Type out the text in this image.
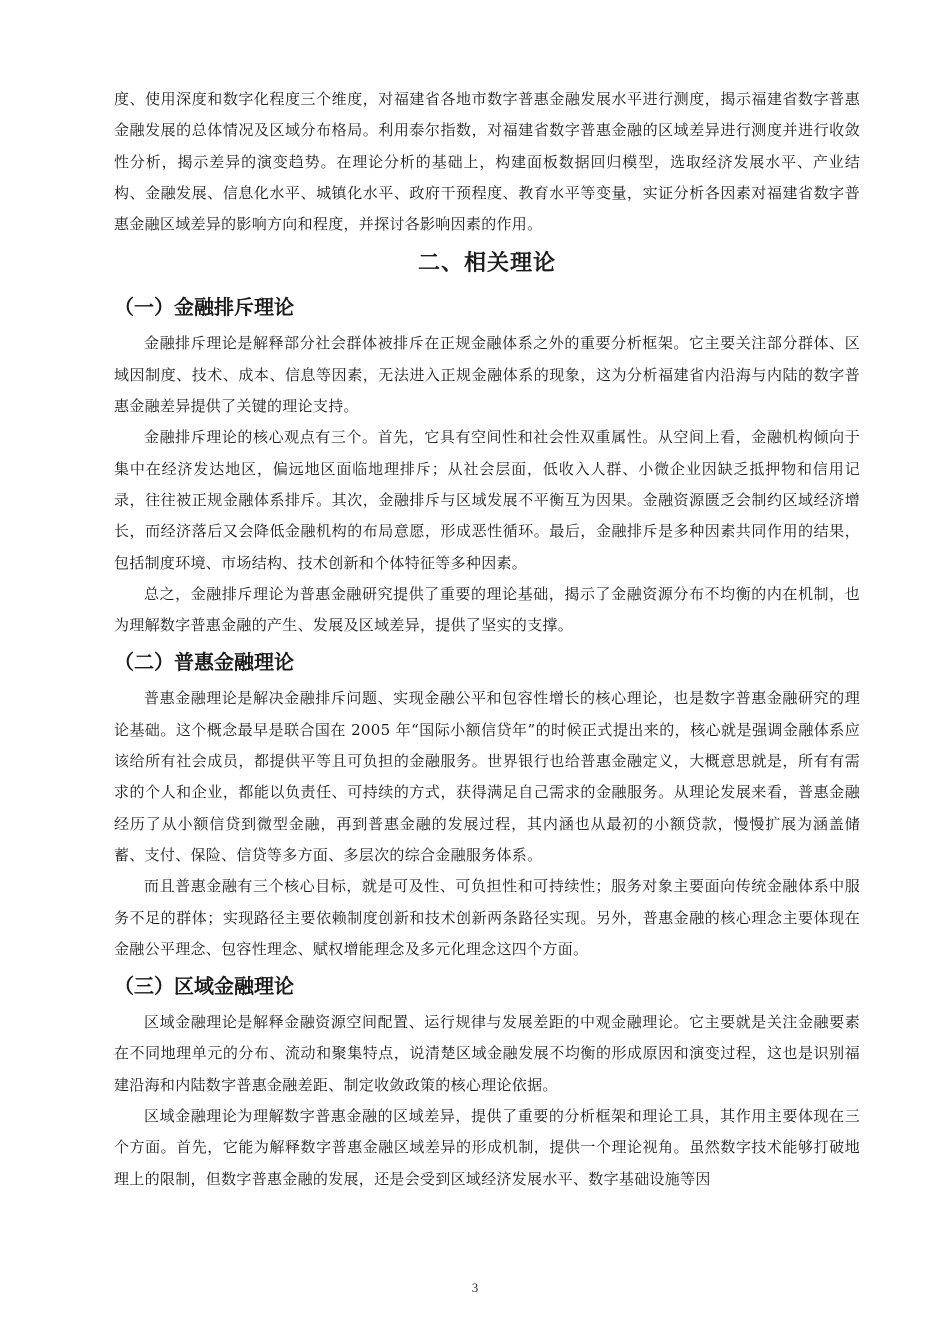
度、使用深度和数字化程度三个维度，对福建省各地市数字普惠金融发展水平进行测度，揭示福建省数字普惠金融发展的总体情况及区域分布格局。利用泰尔指数，对福建省数字普惠金融的区域差异进行测度并进行收敛性分析，揭示差异的演变趋势。在理论分析的基础上，构建面板数据回归模型，选取经济发展水平、产业结构、金融发展、信息化水平、城镇化水平、政府干预程度、教育水平等变量，实证分析各因素对福建省数字普惠金融区域差异的影响方向和程度，并探讨各影响因素的作用。

二、相关理论
（一）金融排斥理论

金融排斥理论是解释部分社会群体被排斥在正规金融体系之外的重要分析框架。它主要关注部分群体、区域因制度、技术、成本、信息等因素，无法进入正规金融体系的现象，这为分析福建省内沿海与内陆的数字普惠金融差异提供了关键的理论支持。

金融排斥理论的核心观点有三个。首先，它具有空间性和社会性双重属性。从空间上看，金融机构倾向于集中在经济发达地区，偏远地区面临地理排斥；从社会层面，低收入人群、小微企业因缺乏抵押物和信用记录，往往被正规金融体系排斥。其次，金融排斥与区域发展不平衡互为因果。金融资源匮乏会制约区域经济增长，而经济落后又会降低金融机构的布局意愿，形成恶性循环。最后，金融排斥是多种因素共同作用的结果，包括制度环境、市场结构、技术创新和个体特征等多种因素。

总之，金融排斥理论为普惠金融研究提供了重要的理论基础，揭示了金融资源分布不均衡的内在机制，也为理解数字普惠金融的产生、发展及区域差异，提供了坚实的支撑。

（二）普惠金融理论

普惠金融理论是解决金融排斥问题、实现金融公平和包容性增长的核心理论，也是数字普惠金融研究的理论基础。这个概念最早是联合国在 2005 年“国际小额信贷年”的时候正式提出来的，核心就是强调金融体系应该给所有社会成员，都提供平等且可负担的金融服务。世界银行也给普惠金融定义，大概意思就是，所有有需求的个人和企业，都能以负责任、可持续的方式，获得满足自己需求的金融服务。从理论发展来看，普惠金融经历了从小额信贷到微型金融，再到普惠金融的发展过程，其内涵也从最初的小额贷款，慢慢扩展为涵盖储蓄、支付、保险、信贷等多方面、多层次的综合金融服务体系。

而且普惠金融有三个核心目标，就是可及性、可负担性和可持续性；服务对象主要面向传统金融体系中服务不足的群体；实现路径主要依赖制度创新和技术创新两条路径实现。另外，普惠金融的核心理念主要体现在金融公平理念、包容性理念、赋权增能理念及多元化理念这四个方面。

（三）区域金融理论

区域金融理论是解释金融资源空间配置、运行规律与发展差距的中观金融理论。它主要就是关注金融要素在不同地理单元的分布、流动和聚集特点，说清楚区域金融发展不均衡的形成原因和演变过程，这也是识别福建沿海和内陆数字普惠金融差距、制定收敛政策的核心理论依据。

区域金融理论为理解数字普惠金融的区域差异，提供了重要的分析框架和理论工具，其作用主要体现在三个方面。首先，它能为解释数字普惠金融区域差异的形成机制，提供一个理论视角。虽然数字技术能够打破地理上的限制，但数字普惠金融的发展，还是会受到区域经济发展水平、数字基础设施等因

3
